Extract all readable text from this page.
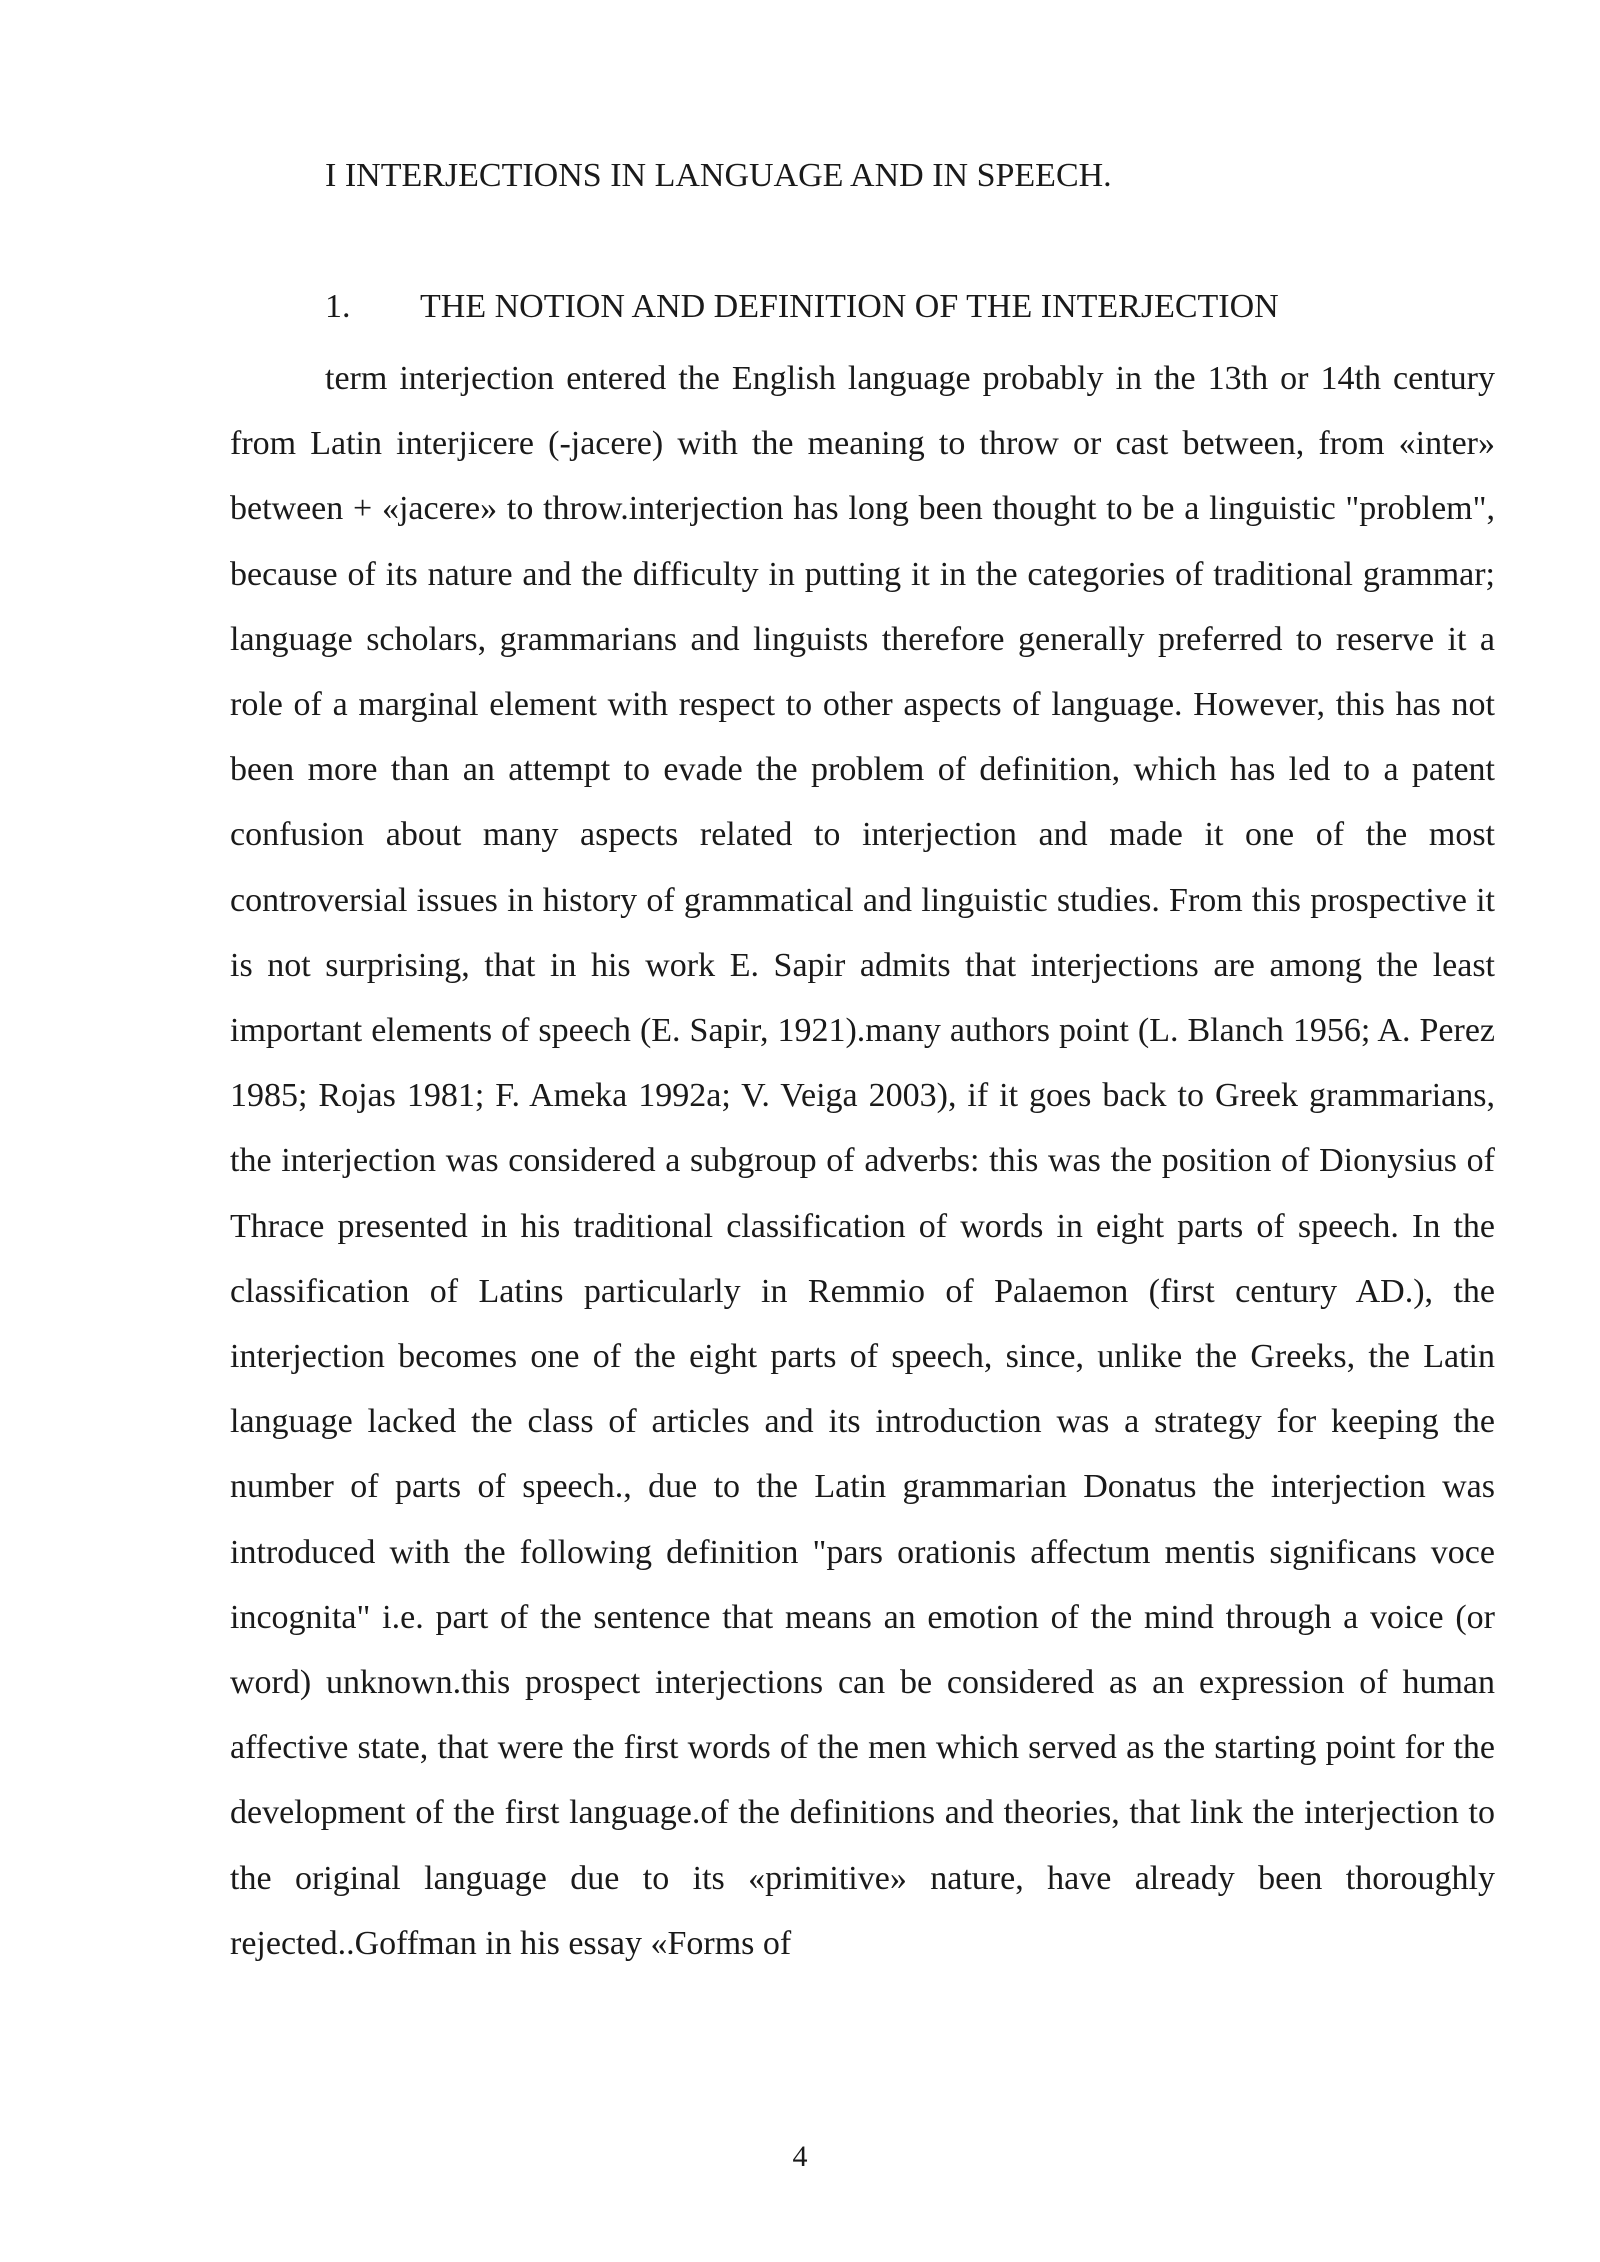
I INTERJECTIONS IN LANGUAGE AND IN SPEECH.
1. THE NOTION AND DEFINITION OF THE INTERJECTION

term interjection entered the English language probably in the 13th or 14th century from Latin interjicere (-jacere) with the meaning to throw or cast between, from «inter» between + «jacere» to throw.interjection has long been thought to be a linguistic "problem", because of its nature and the difficulty in putting it in the categories of traditional grammar; language scholars, grammarians and linguists therefore generally preferred to reserve it a role of a marginal element with respect to other aspects of language. However, this has not been more than an attempt to evade the problem of definition, which has led to a patent confusion about many aspects related to interjection and made it one of the most controversial issues in history of grammatical and linguistic studies. From this prospective it is not surprising, that in his work E. Sapir admits that interjections are among the least important elements of speech (E. Sapir, 1921).many authors point (L. Blanch 1956; A. Perez 1985; Rojas 1981; F. Ameka 1992a; V. Veiga 2003), if it goes back to Greek grammarians, the interjection was considered a subgroup of adverbs: this was the position of Dionysius of Thrace presented in his traditional classification of words in eight parts of speech. In the classification of Latins particularly in Remmio of Palaemon (first century AD.), the interjection becomes one of the eight parts of speech, since, unlike the Greeks, the Latin language lacked the class of articles and its introduction was a strategy for keeping the number of parts of speech., due to the Latin grammarian Donatus the interjection was introduced with the following definition "pars orationis affectum mentis significans voce incognita" i.e. part of the sentence that means an emotion of the mind through a voice (or word) unknown.this prospect interjections can be considered as an expression of human affective state, that were the first words of the men which served as the starting point for the development of the first language.of the definitions and theories, that link the interjection to the original language due to its «primitive» nature, have already been thoroughly rejected..Goffman in his essay «Forms of

4
